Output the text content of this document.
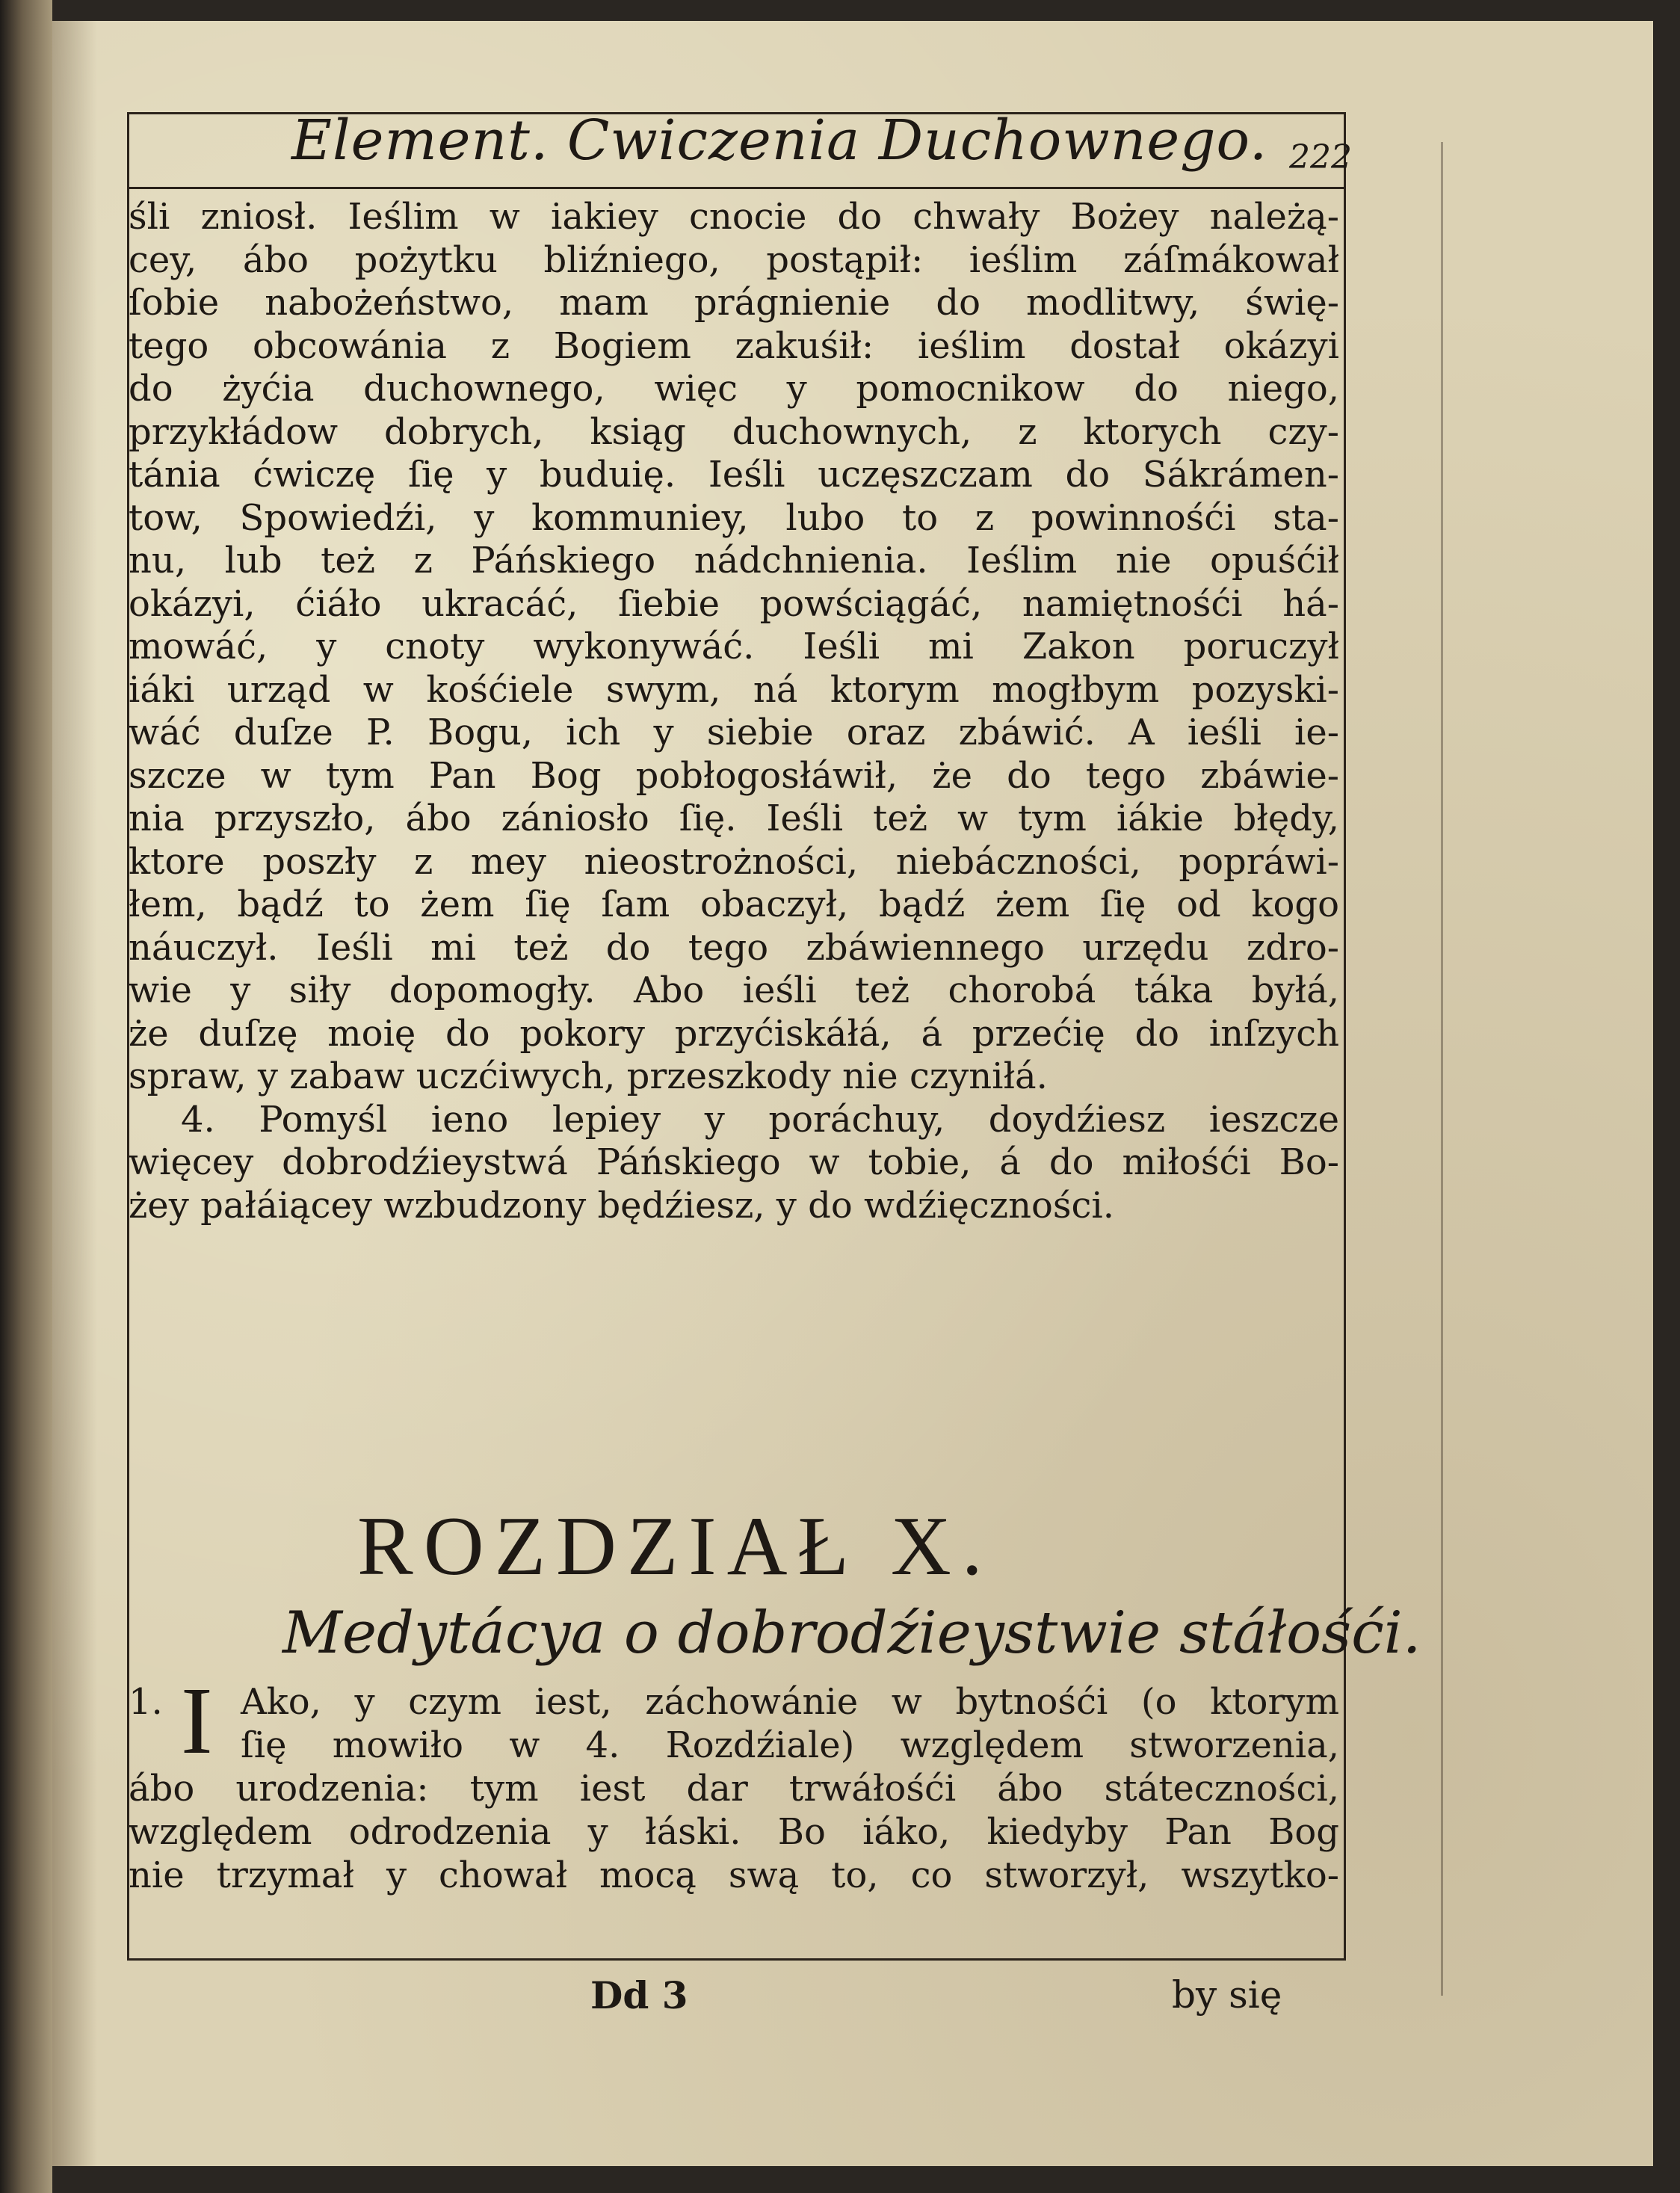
Element. Cwiczenia Duchownego. 222
śli zniosł. Ieślim w iakiey cnocie do chwały Bożey należą-
cey, ábo pożytku bliźniego, postąpił: ieślim záſmákował
ſobie nabożeństwo, mam prágnienie do modlitwy, świę-
tego obcowánia z Bogiem zakuśił: ieślim dostał okázyi
do żyćia duchownego, więc y pomocnikow do niego,
przykłádow dobrych, ksiąg duchownych, z ktorych czy-
tánia ćwiczę ſię y buduię. Ieśli uczęszczam do Sákrámen-
tow, Spowiedźi, y kommuniey, lubo to z powinnośći sta-
nu, lub też z Páńskiego nádchnienia. Ieślim nie opuśćił
okázyi, ćiáło ukracáć, ſiebie powściągáć, namiętnośći há-
mowáć, y cnoty wykonywáć. Ieśli mi Zakon poruczył
iáki urząd w kośćiele swym, ná ktorym mogłbym pozyski-
wáć duſze P. Bogu, ich y siebie oraz zbáwić. A ieśli ie-
szcze w tym Pan Bog pobłogosłáwił, że do tego zbáwie-
nia przyszło, ábo zániosło ſię. Ieśli też w tym iákie błędy,
ktore poszły z mey nieostrożności, niebáczności, popráwi-
łem, bądź to żem ſię ſam obaczył, bądź żem ſię od kogo
náuczył. Ieśli mi też do tego zbáwiennego urzędu zdro-
wie y siły dopomogły. Abo ieśli też chorobá táka byłá,
że duſzę moię do pokory przyćiskáłá, á przećię do inſzych
spraw, y zabaw uczćiwych, przeszkody nie czyniłá.
4. Pomyśl ieno lepiey y poráchuy, doydźiesz ieszcze
więcey dobrodźieystwá Páńskiego w tobie, á do miłośći Bo-
żey pałáiącey wzbudzony będźiesz, y do wdźięczności.
ROZDZIAŁ X.
Medytácya o dobrodźieystwie stáłośći.
1. I Ako, y czym iest, záchowánie w bytnośći (o ktorym
ſię mowiło w 4. Rozdźiale) względem stworzenia,
ábo urodzenia: tym iest dar trwáłośći ábo státeczności,
względem odrodzenia y łáski. Bo iáko, kiedyby Pan Bog
nie trzymał y chował mocą swą to, co stworzył, wszytko-
Dd 3	by się
